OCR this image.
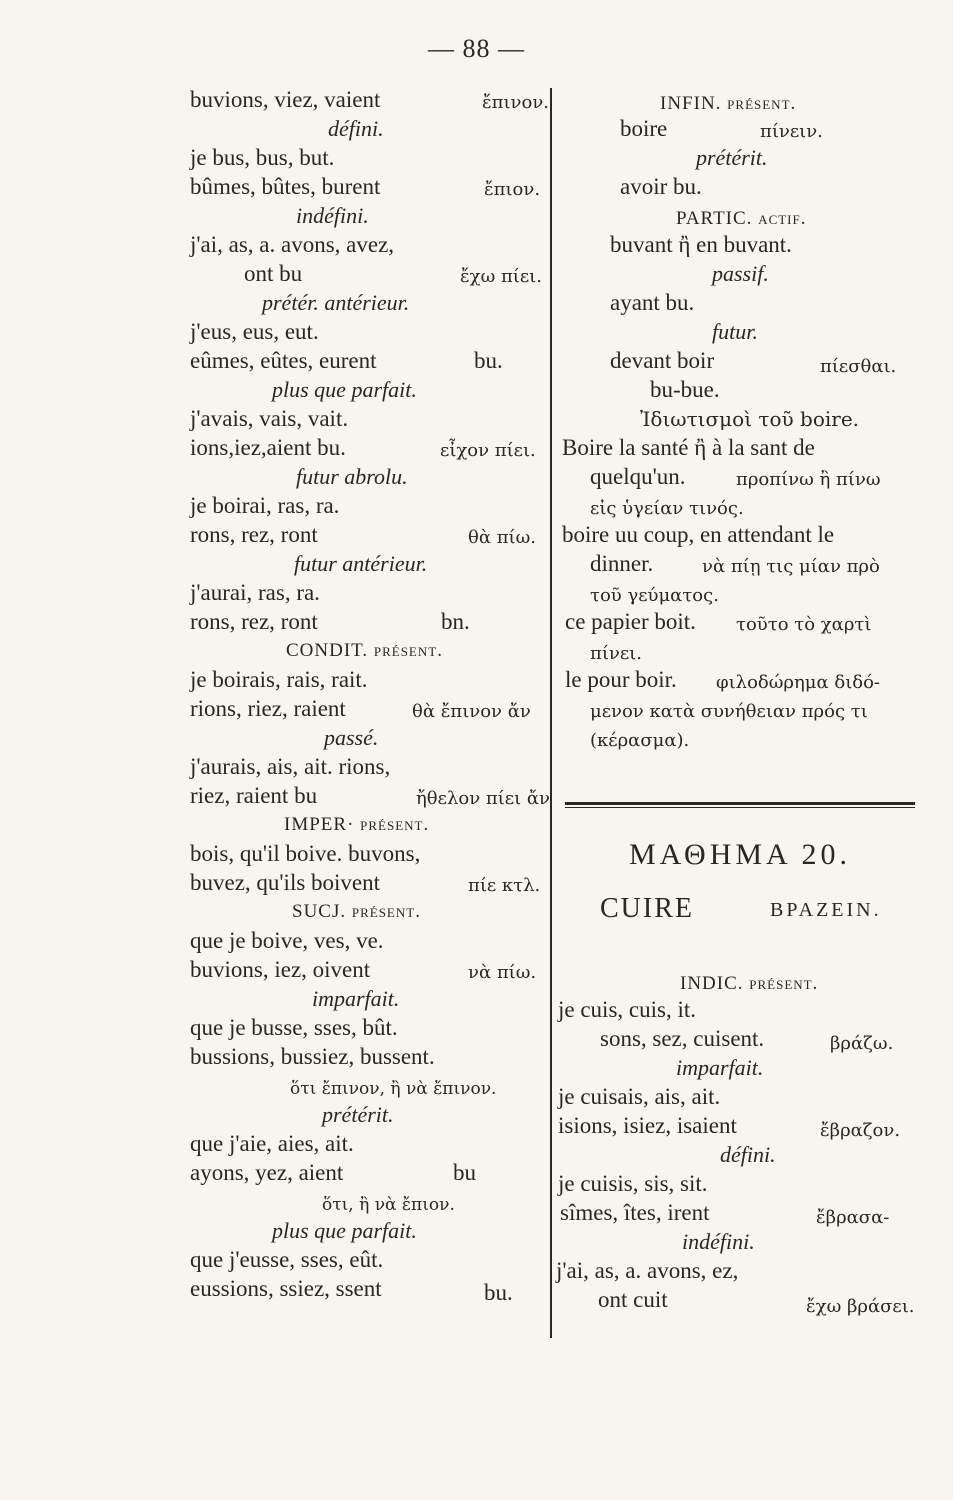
— 88 —
buvions, viez, vaient	ἔπινον.
défini.
je bus, bus, but.
bûmes, bûtes, burent	ἔπιον.
indéfini.
j'ai, as, a. avons, avez,
ont bu	ἔχω πίει.
prétér. antérieur.
j'eus, eus, eut.
eûmes, eûtes, eurent	bu.
plus que parfait.
j'avais, vais, vait.
ions,iez,aient bu.	εἶχον πίει.
futur abrolu.
je boirai, ras, ra.
rons, rez, ront	θὰ πίω.
futur antérieur.
j'aurai, ras, ra.
rons, rez, ront	bn.
CONDIT. présent.
je boirais, rais, rait.
rions, riez, raient	θὰ ἔπινον ἄν
passé.
j'aurais, ais, ait. rions,
riez, raient bu	ἤθελον πίει ἄν
IMPER· présent.
bois, qu'il boive. buvons,
buvez, qu'ils boivent	πίε κτλ.
SUCJ. présent.
que je boive, ves, ve.
buvions, iez, oivent	νὰ πίω.
imparfait.
que je busse, sses, bût.
bussions, bussiez, bussent.
ὅτι ἔπινον, ἢ νὰ ἔπινον.
prétérit.
que j'aie, aies, ait.
ayons, yez, aient	bu
ὅτι, ἢ νὰ ἔπιον.
plus que parfait.
que j'eusse, sses, eût.
eussions, ssiez, ssent	bu.
INFIN. présent.
boire	πίνειν.
prétérit.
avoir bu.
PARTIC. actif.
buvant ἢ en buvant.
passif.
ayant bu.
futur.
devant boir	πίεσθαι.
bu-bue.
Ἰδιωτισμοὶ τοῦ boire.
Boire la santé ἢ à la sant de
quelqu'un.	προπίνω ἢ πίνω
εἰς ὑγείαν τινός.
boire uu coup, en attendant le
dinner.	νὰ πίῃ τις μίαν πρὸ
τοῦ γεύματος.
ce papier boit. τοῦτο τὸ χαρτὶ
πίνει.
le pour boir. φιλοδώρημα διδό-
μενον κατὰ συνήθειαν πρός τι
(κέρασμα).
ΜΑΘΗΜΑ 20.
CUIRE	ΒΡΑΖΕΙΝ.
INDIC. présent.
je cuis, cuis, it.
sons, sez, cuisent.	βράζω.
imparfait.
je cuisais, ais, ait.
isions, isiez, isaient	ἔβραζον.
défini.
je cuisis, sis, sit.
sîmes, îtes, irent	ἔβρασα-
indéfini.
j'ai, as, a. avons, ez,
ont cuit	ἔχω βράσει.
